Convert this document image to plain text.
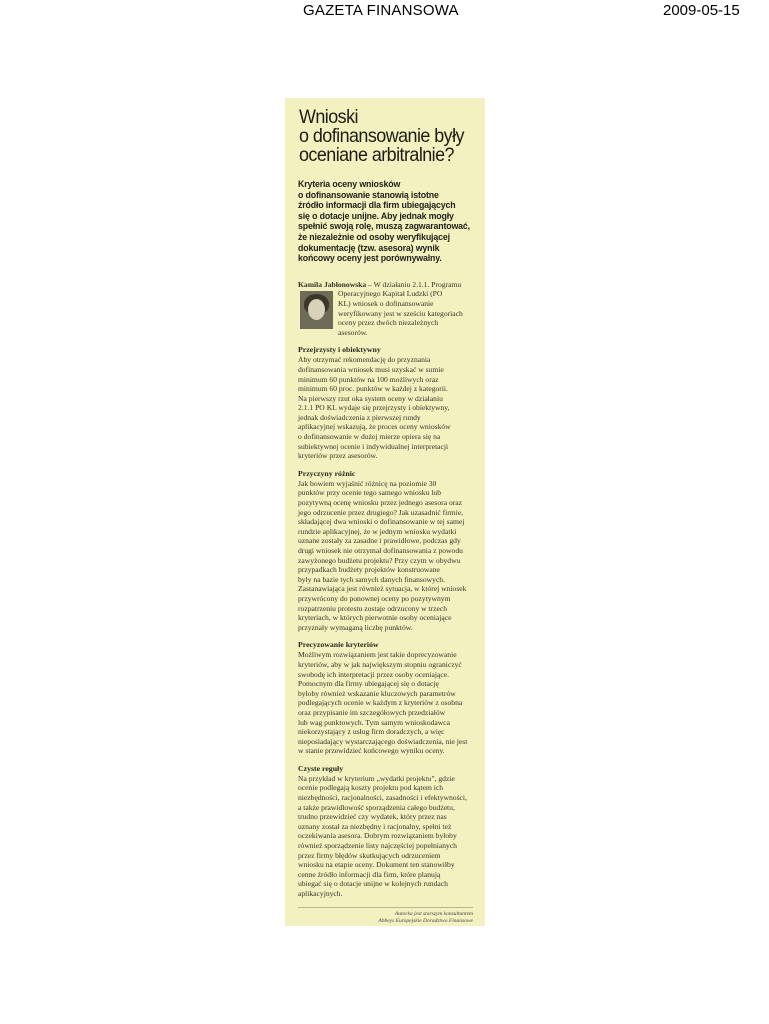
GAZETA FINANSOWA	2009-05-15
Wnioski
o dofinansowanie były
oceniane arbitralnie?
Kryteria oceny wniosków
o dofinansowanie stanowią istotne
źródło informacji dla firm ubiegających
się o dotacje unijne. Aby jednak mogły
spełnić swoją rolę, muszą zagwarantować,
że niezależnie od osoby weryfikującej
dokumentację (tzw. asesora) wynik
końcowy oceny jest porównywalny.
Kamila Jabłonowska – W działaniu 2.1.1. Programu
Operacyjnego Kapitał Ludzki (PO
KL) wniosek o dofinansowanie
weryfikowany jest w sześciu kategoriach
oceny przez dwóch niezależnych
asesorów.
Przejrzysty i obiektywny
Aby otrzymać rekomendację do przyznania
dofinansowania wniosek musi uzyskać w sumie
minimum 60 punktów na 100 możliwych oraz
minimum 60 proc. punktów w każdej z kategorii.
Na pierwszy rzut oka system oceny w działaniu
2.1.1 PO KL wydaje się przejrzysty i obiektywny,
jednak doświadczenia z pierwszej rundy
aplikacyjnej wskazują, że proces oceny wniosków
o dofinansowanie w dużej mierze opiera się na
subiektywnej ocenie i indywidualnej interpretacji
kryteriów przez asesorów.
Przyczyny różnic
Jak bowiem wyjaśnić różnicę na poziomie 30
punktów przy ocenie tego samego wniosku lub
pozytywną ocenę wniosku przez jednego asesora oraz
jego odrzucenie przez drugiego? Jak uzasadnić firmie,
składającej dwa wnioski o dofinansowanie w tej samej
rundzie aplikacyjnej, że w jednym wniosku wydatki
uznane zostały za zasadne i prawidłowe, podczas gdy
drugi wniosek nie otrzymał dofinansowania z powodu
zawyżonego budżetu projektu? Przy czym w obydwu
przypadkach budżety projektów konstruowane
były na bazie tych samych danych finansowych.
Zastanawiająca jest również sytuacja, w której wniosek
przywrócony do ponownej oceny po pozytywnym
rozpatrzeniu protestu zostaje odrzucony w trzech
kryteriach, w których pierwotnie osoby oceniające
przyznały wymaganą liczbę punktów.
Precyzowanie kryteriów
Możliwym rozwiązaniem jest takie doprecyzowanie
kryteriów, aby w jak największym stopniu ograniczyć
swobodę ich interpretacji przez osoby oceniające.
Pomocnym dla firmy ubiegającej się o dotację
byłoby również wskazanie kluczowych parametrów
podlegających ocenie w każdym z kryteriów z osobna
oraz przypisanie im szczegółowych przedziałów
lub wag punktowych. Tym samym wnioskodawca
niekorzystający z usług firm doradczych, a więc
nieposiadający wystarczającego doświadczenia, nie jest
w stanie przewidzieć końcowego wyniku oceny.
Czyste reguły
Na przykład w kryterium „wydatki projektu", gdzie
ocenie podlegają koszty projektu pod kątem ich
niezbędności, racjonalności, zasadności i efektywności,
a także prawidłowość sporządzenia całego budżetu,
trudno przewidzieć czy wydatek, który przez nas
uznany został za niezbędny i racjonalny, spełni też
oczekiwania asesora. Dobrym rozwiązaniem byłoby
również sporządzenie listy najczęściej popełnianych
przez firmy błędów skutkujących odrzuceniem
wniosku na etapie oceny. Dokument ten stanowiłby
cenne źródło informacji dla firm, które planują
ubiegać się o dotacje unijne w kolejnych rundach
aplikacyjnych.
Autorka jest starszym konsultantem
Abbeys Europejskie Doradztwo Finansowe
